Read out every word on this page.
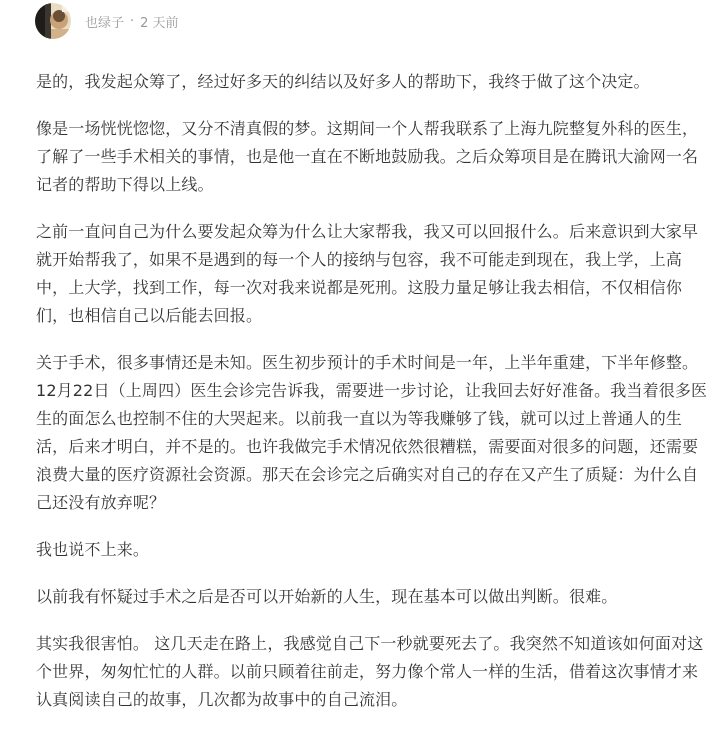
也绿子 · 2 天前

是的，我发起众筹了，经过好多天的纠结以及好多人的帮助下，我终于做了这个决定。

像是一场恍恍惚惚，又分不清真假的梦。这期间一个人帮我联系了上海九院整复外科的医生，了解了一些手术相关的事情，也是他一直在不断地鼓励我。之后众筹项目是在腾讯大渝网一名记者的帮助下得以上线。

之前一直问自己为什么要发起众筹为什么让大家帮我，我又可以回报什么。后来意识到大家早就开始帮我了，如果不是遇到的每一个人的接纳与包容，我不可能走到现在，我上学，上高中，上大学，找到工作，每一次对我来说都是死刑。这股力量足够让我去相信，不仅相信你们，也相信自己以后能去回报。

关于手术，很多事情还是未知。医生初步预计的手术时间是一年，上半年重建，下半年修整。12月22日（上周四）医生会诊完告诉我，需要进一步讨论，让我回去好好准备。我当着很多医生的面怎么也控制不住的大哭起来。以前我一直以为等我赚够了钱，就可以过上普通人的生活，后来才明白，并不是的。也许我做完手术情况依然很糟糕，需要面对很多的问题，还需要浪费大量的医疗资源社会资源。那天在会诊完之后确实对自己的存在又产生了质疑：为什么自己还没有放弃呢？

我也说不上来。

以前我有怀疑过手术之后是否可以开始新的人生，现在基本可以做出判断。很难。

其实我很害怕。 这几天走在路上，我感觉自己下一秒就要死去了。我突然不知道该如何面对这个世界，匆匆忙忙的人群。以前只顾着往前走，努力像个常人一样的生活，借着这次事情才来认真阅读自己的故事，几次都为故事中的自己流泪。
